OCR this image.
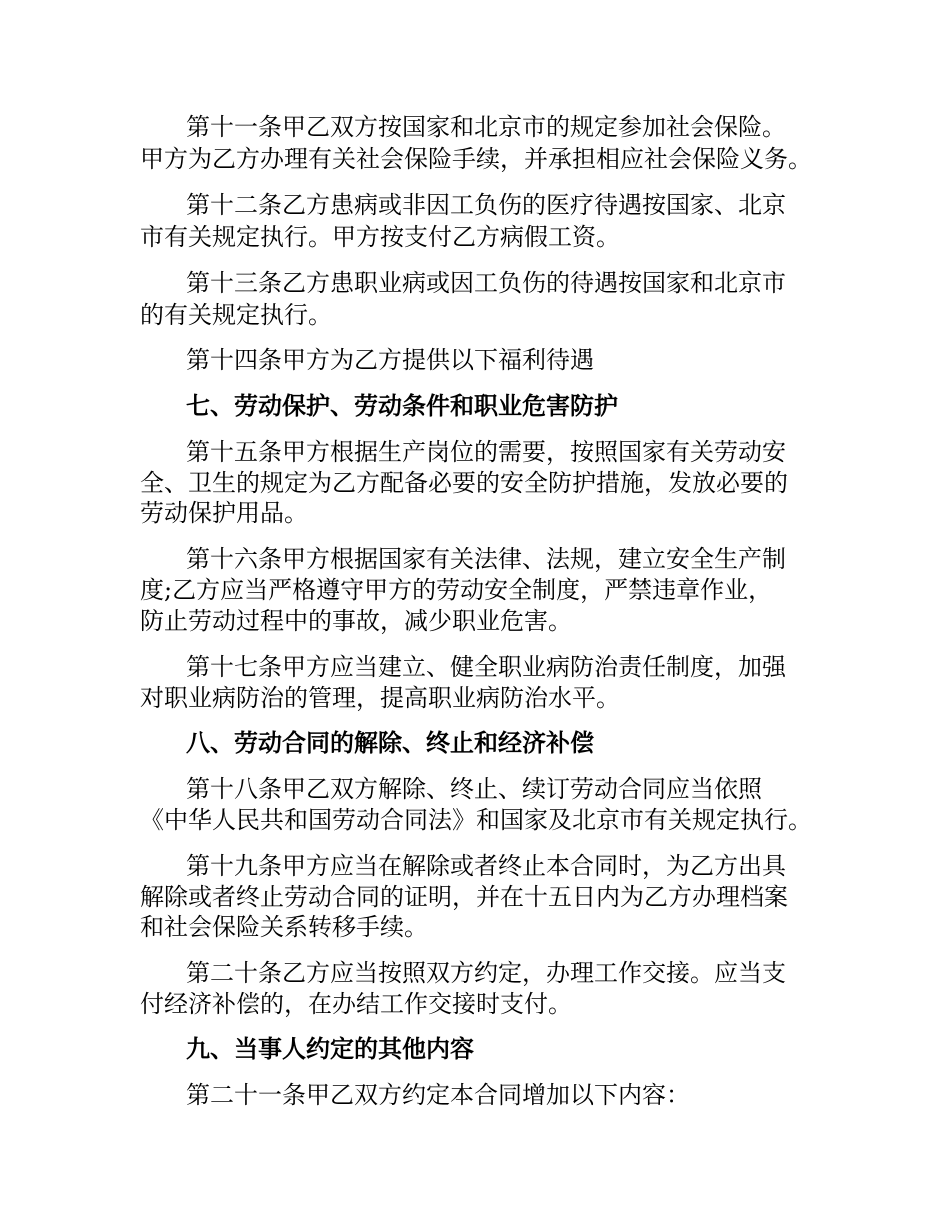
第十一条甲乙双方按国家和北京市的规定参加社会保险。
甲方为乙方办理有关社会保险手续，并承担相应社会保险义务。
第十二条乙方患病或非因工负伤的医疗待遇按国家、北京
市有关规定执行。甲方按支付乙方病假工资。
第十三条乙方患职业病或因工负伤的待遇按国家和北京市
的有关规定执行。
第十四条甲方为乙方提供以下福利待遇
七、劳动保护、劳动条件和职业危害防护
第十五条甲方根据生产岗位的需要，按照国家有关劳动安
全、卫生的规定为乙方配备必要的安全防护措施，发放必要的
劳动保护用品。
第十六条甲方根据国家有关法律、法规，建立安全生产制
度;乙方应当严格遵守甲方的劳动安全制度，严禁违章作业，
防止劳动过程中的事故，减少职业危害。
第十七条甲方应当建立、健全职业病防治责任制度，加强
对职业病防治的管理，提高职业病防治水平。
八、劳动合同的解除、终止和经济补偿
第十八条甲乙双方解除、终止、续订劳动合同应当依照
《中华人民共和国劳动合同法》和国家及北京市有关规定执行。
第十九条甲方应当在解除或者终止本合同时，为乙方出具
解除或者终止劳动合同的证明，并在十五日内为乙方办理档案
和社会保险关系转移手续。
第二十条乙方应当按照双方约定，办理工作交接。应当支
付经济补偿的，在办结工作交接时支付。
九、当事人约定的其他内容
第二十一条甲乙双方约定本合同增加以下内容：
